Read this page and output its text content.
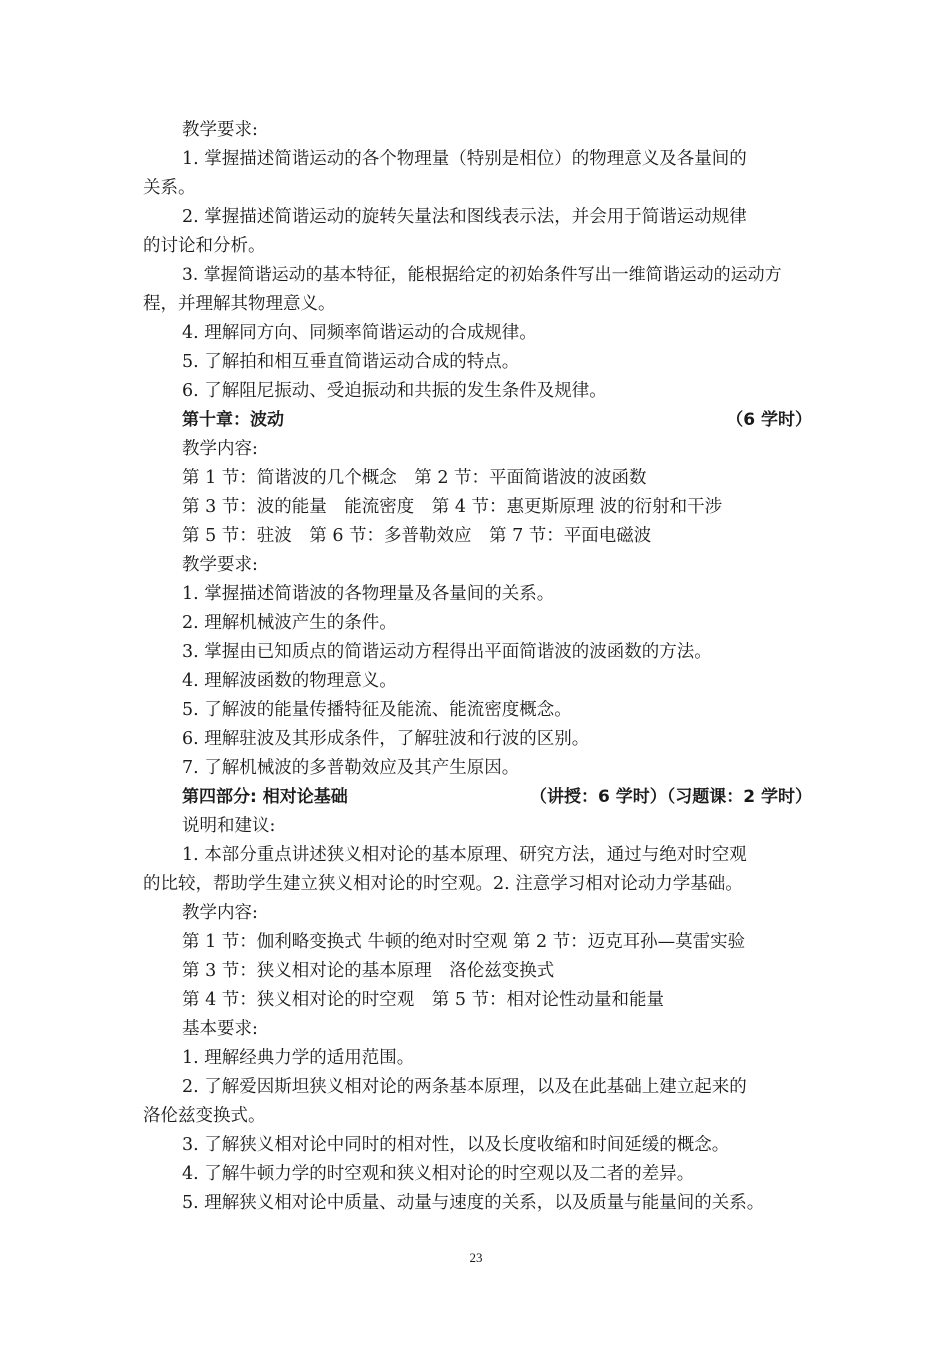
教学要求:
1. 掌握描述简谐运动的各个物理量（特别是相位）的物理意义及各量间的
关系。
2. 掌握描述简谐运动的旋转矢量法和图线表示法，并会用于简谐运动规律
的讨论和分析。
3. 掌握简谐运动的基本特征，能根据给定的初始条件写出一维简谐运动的运动方
程，并理解其物理意义。
4. 理解同方向、同频率简谐运动的合成规律。
5. 了解拍和相互垂直简谐运动合成的特点。
6. 了解阻尼振动、受迫振动和共振的发生条件及规律。
第十章：波动	（6 学时）
教学内容:
第 1 节：简谐波的几个概念　第 2 节：平面简谐波的波函数
第 3 节：波的能量　能流密度　第 4 节：惠更斯原理 波的衍射和干涉
第 5 节：驻波　第 6 节：多普勒效应　第 7 节：平面电磁波
教学要求:
1. 掌握描述简谐波的各物理量及各量间的关系。
2. 理解机械波产生的条件。
3. 掌握由已知质点的简谐运动方程得出平面简谐波的波函数的方法。
4. 理解波函数的物理意义。
5. 了解波的能量传播特征及能流、能流密度概念。
6. 理解驻波及其形成条件，了解驻波和行波的区别。
7. 了解机械波的多普勒效应及其产生原因。
第四部分: 相对论基础	（讲授：6 学时）（习题课：2 学时）
说明和建议:
1. 本部分重点讲述狭义相对论的基本原理、研究方法，通过与绝对时空观
的比较，帮助学生建立狭义相对论的时空观。2. 注意学习相对论动力学基础。
教学内容:
第 1 节：伽利略变换式 牛顿的绝对时空观 第 2 节：迈克耳孙—莫雷实验
第 3 节：狭义相对论的基本原理　洛伦兹变换式
第 4 节：狭义相对论的时空观　第 5 节：相对论性动量和能量
基本要求:
1. 理解经典力学的适用范围。
2. 了解爱因斯坦狭义相对论的两条基本原理，以及在此基础上建立起来的
洛伦兹变换式。
3. 了解狭义相对论中同时的相对性，以及长度收缩和时间延缓的概念。
4. 了解牛顿力学的时空观和狭义相对论的时空观以及二者的差异。
5. 理解狭义相对论中质量、动量与速度的关系，以及质量与能量间的关系。
23
